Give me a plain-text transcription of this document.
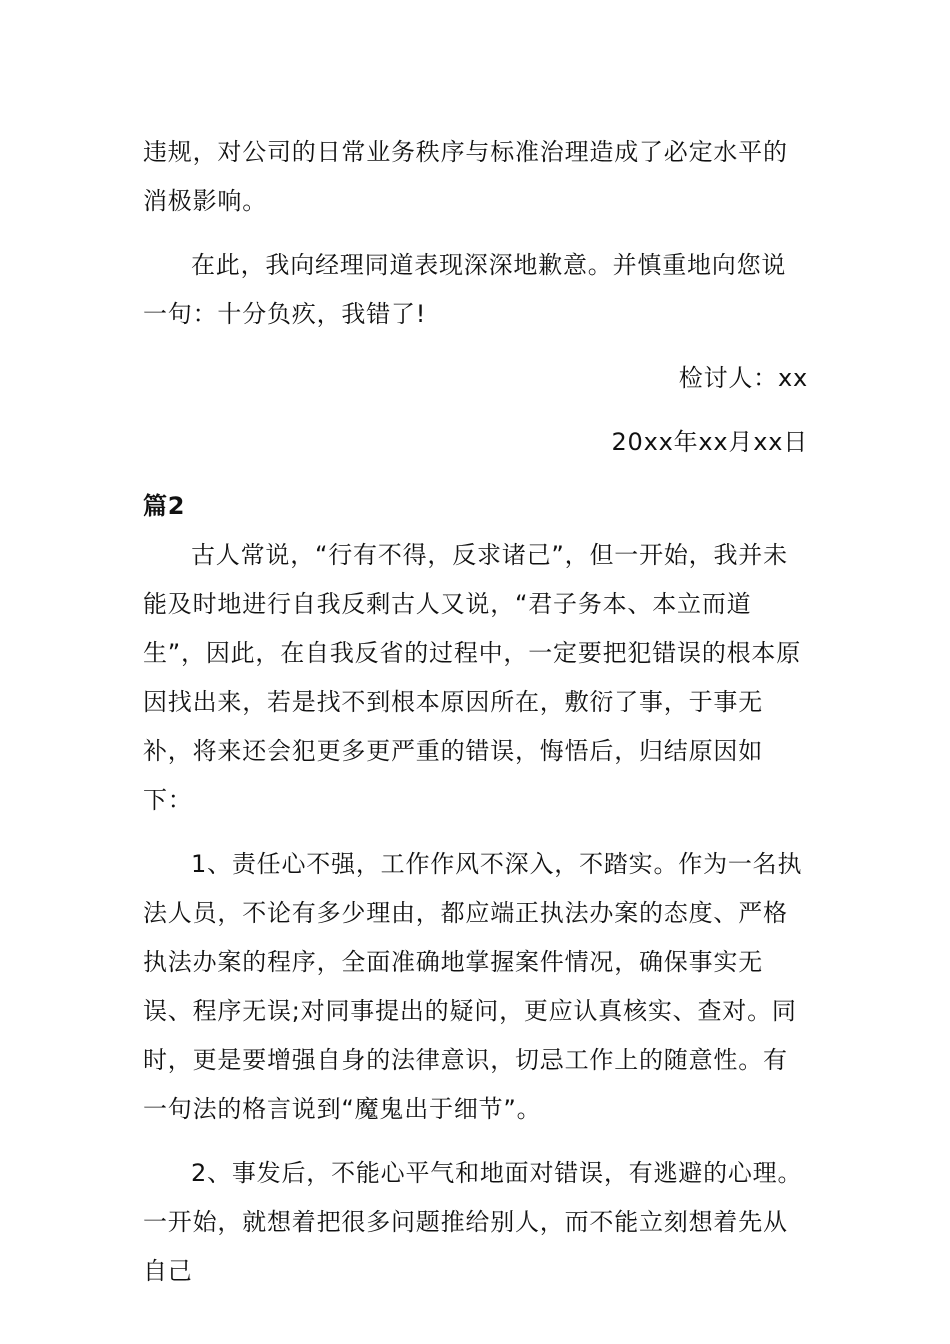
违规，对公司的日常业务秩序与标准治理造成了必定水平的消极影响。

在此，我向经理同道表现深深地歉意。并慎重地向您说一句：十分负疚，我错了!

检讨人：xx

20xx年xx月xx日

篇2

古人常说，“行有不得，反求诸己”，但一开始，我并未能及时地进行自我反剩古人又说，“君子务本、本立而道生”，因此，在自我反省的过程中，一定要把犯错误的根本原因找出来，若是找不到根本原因所在，敷衍了事，于事无补，将来还会犯更多更严重的错误，悔悟后，归结原因如下：

1、责任心不强，工作作风不深入，不踏实。作为一名执法人员，不论有多少理由，都应端正执法办案的态度、严格执法办案的程序，全面准确地掌握案件情况，确保事实无误、程序无误;对同事提出的疑问，更应认真核实、查对。同时，更是要增强自身的法律意识，切忌工作上的随意性。有一句法的格言说到“魔鬼出于细节”。

2、事发后，不能心平气和地面对错误，有逃避的心理。一开始，就想着把很多问题推给别人，而不能立刻想着先从自己
